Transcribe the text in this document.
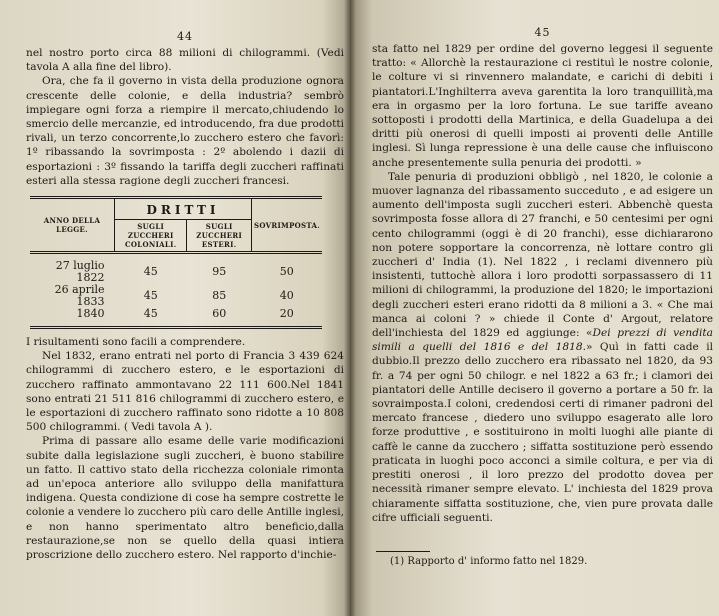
44

nel nostro porto circa 88 milioni di chilogrammi. (Vedi tavola A alla fine del libro).

Ora, che fa il governo in vista della produzione ognora crescente delle colonie, e della industria? sembrò impiegare ogni forza a riempire il mercato,chiudendo lo smercio delle mercanzie, ed introducendo, fra due prodotti rivali, un terzo concorrente,lo zucchero estero che favorì: 1º ribassando la sovrimposta : 2º abolendo i dazii di esportazioni : 3º fissando la tariffa degli zuccheri raffinati esteri alla stessa ragione degli zuccheri francesi.

ANNO DELLA LEGGE.	DRITTI		SOVRIMPOSTA.
	SUGLI ZUCCHERI COLONIALI.	SUGLI ZUCCHERI ESTERI.	
27 luglio 1822	45	95	50
26 aprile 1833	45	85	40
1840	45	60	20

I risultamenti sono facili a comprendere.

Nel 1832, erano entrati nel porto di Francia 3 439 624 chilogrammi di zucchero estero, e le esportazioni di zucchero raffinato ammontavano 22 111 600.Nel 1841 sono entrati 21 511 816 chilogrammi di zucchero estero, e le esportazioni di zucchero raffinato sono ridotte a 10 808 500 chilogrammi. ( Vedi tavola A ).

Prima di passare allo esame delle varie modificazioni subite dalla legislazione sugli zuccheri, è buono stabilire un fatto. Il cattivo stato della ricchezza coloniale rimonta ad un'epoca anteriore allo sviluppo della manifattura indigena. Questa condizione di cose ha sempre costrette le colonie a vendere lo zucchero più caro delle Antille inglesi, e non hanno sperimentato altro beneficio,dalla restaurazione,se non se quello della quasi intiera proscrizione dello zucchero estero. Nel rapporto d'inchie-

45

sta fatto nel 1829 per ordine del governo leggesi il seguente tratto: « Allorchè la restaurazione ci restituì le nostre colonie, le colture vi si rinvennero malandate, e carichi di debiti i piantatori.L'Inghilterra aveva garentita la loro tranquillità,ma era in orgasmo per la loro fortuna. Le sue tariffe aveano sottoposti i prodotti della Martinica, e della Guadelupa a dei dritti più onerosi di quelli imposti ai proventi delle Antille inglesi. Sì lunga repressione è una delle cause che influiscono anche presentemente sulla penuria dei prodotti. »

Tale penuria di produzioni obbligò , nel 1820, le colonie a muover lagnanza del ribassamento succeduto , e ad esigere un aumento dell'imposta sugli zuccheri esteri. Abbenchè questa sovrimposta fosse allora di 27 franchi, e 50 centesimi per ogni cento chilogrammi (oggi è di 20 franchi), esse dichiararono non potere sopportare la concorrenza, nè lottare contro gli zuccheri d' India (1). Nel 1822 , i reclami divennero più insistenti, tuttochè allora i loro prodotti sorpassassero di 11 milioni di chilogrammi, la produzione del 1820; le importazioni degli zuccheri esteri erano ridotti da 8 milioni a 3. « Che mai manca ai coloni ? » chiede il Conte d' Argout, relatore dell'inchiesta del 1829 ed aggiunge: «Dei prezzi di vendita simili a quelli del 1816 e del 1818.» Quì in fatti cade il dubbio.Il prezzo dello zucchero era ribassato nel 1820, da 93 fr. a 74 per ogni 50 chilogr. e nel 1822 a 63 fr.; i clamori dei piantatori delle Antille decisero il governo a portare a 50 fr. la sovraimposta.I coloni, credendosi certi di rimaner padroni del mercato francese , diedero uno sviluppo esagerato alle loro forze produttive , e sostituirono in molti luoghi alle piante di caffè le canne da zucchero ; siffatta sostituzione però essendo praticata in luoghi poco acconci a simile coltura, e per via di prestiti onerosi , il loro prezzo del prodotto dovea per necessità rimaner sempre elevato. L' inchiesta del 1829 prova chiaramente siffatta sostituzione, che, vien pure provata dalle cifre ufficiali seguenti.

(1) Rapporto d' informo fatto nel 1829.
